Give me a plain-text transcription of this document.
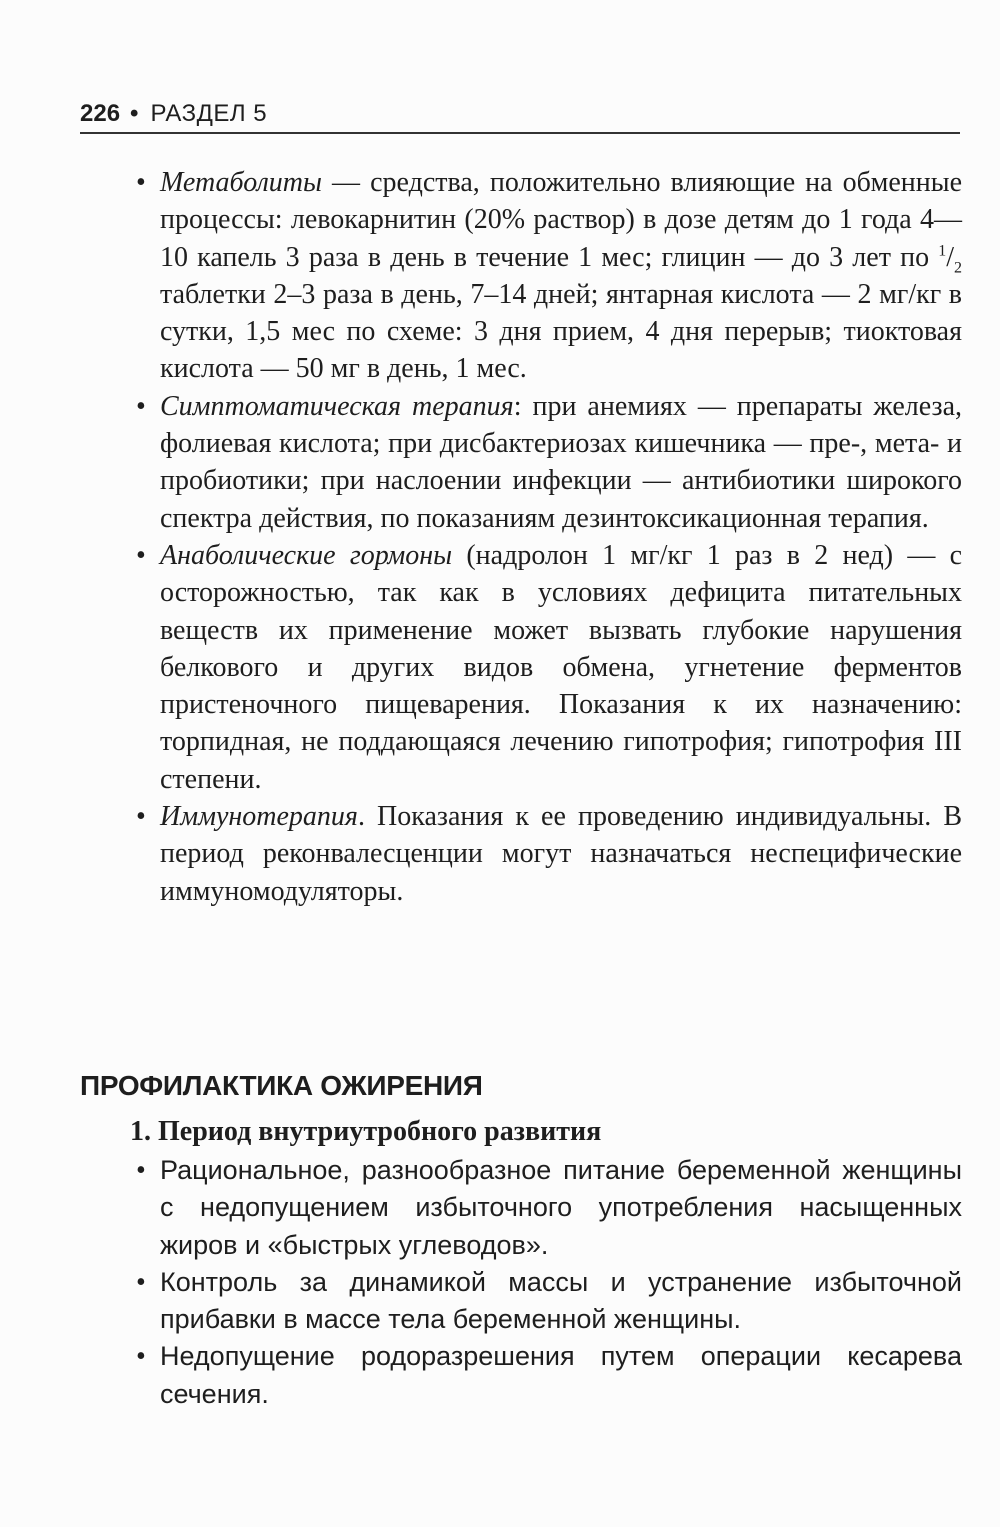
226 • РАЗДЕЛ 5
• Метаболиты — средства, положительно влияющие на обменные процессы: левокарнитин (20% раствор) в дозе детям до 1 года 4—10 капель 3 раза в день в течение 1 мес; глицин — до 3 лет по $^1/_2$ таблетки 2–3 раза в день, 7–14 дней; янтарная кислота — 2 мг/кг в сутки, 1,5 мес по схеме: 3 дня прием, 4 дня перерыв; тиоктовая кислота — 50 мг в день, 1 мес.
• Симптоматическая терапия: при анемиях — препараты железа, фолиевая кислота; при дисбактериозах кишечника — пре-, мета- и пробиотики; при наслоении инфекции — антибиотики широкого спектра действия, по показаниям дезинтоксикационная терапия.
• Анаболические гормоны (надролон 1 мг/кг 1 раз в 2 нед) — с осторожностью, так как в условиях дефицита питательных веществ их применение может вызвать глубокие нарушения белкового и других видов обмена, угнетение ферментов пристеночного пищеварения. Показания к их назначению: торпидная, не поддающаяся лечению гипотрофия; гипотрофия III степени.
• Иммунотерапия. Показания к ее проведению индивидуальны. В период реконвалесценции могут назначаться неспецифические иммуномодуляторы.
ПРОФИЛАКТИКА ОЖИРЕНИЯ
1. Период внутриутробного развития
• Рациональное, разнообразное питание беременной женщины с недопущением избыточного употребления насыщенных жиров и «быстрых углеводов».
• Контроль за динамикой массы и устранение избыточной прибавки в массе тела беременной женщины.
• Недопущение родоразрешения путем операции кесарева сечения.
